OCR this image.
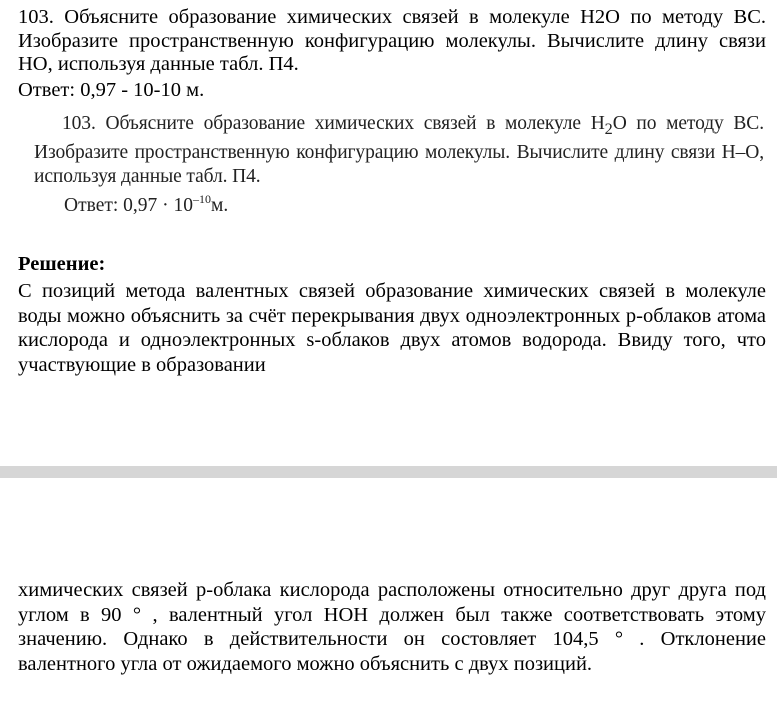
103. Объясните образование химических связей в молекуле H2O по методу ВС. Изобразите пространственную конфигурацию молекулы. Вычислите длину связи HO, используя данные табл. П4.
Ответ: 0,97 - 10-10 м.
103. Объясните образование химических связей в молекуле $H_2O$ по методу ВС. Изобразите пространственную конфигурацию молекулы. Вычислите длину связи H–O, используя данные табл. П4.
Ответ: $0,97 \cdot 10^{-10}м$.
Решение:
С позиций метода валентных связей образование химических связей в молекуле воды можно объяснить за счёт перекрывания двух одноэлектронных p-облаков атома кислорода и одноэлектронных s-облаков двух атомов водорода. Ввиду того, что участвующие в образовании
химических связей p-облака кислорода расположены относительно друг друга под углом в 90 ° , валентный угол HOH должен был также соответствовать этому значению. Однако в действительности он состовляет 104,5 ° . Отклонение валентного угла от ожидаемого можно объяснить с двух позиций.
